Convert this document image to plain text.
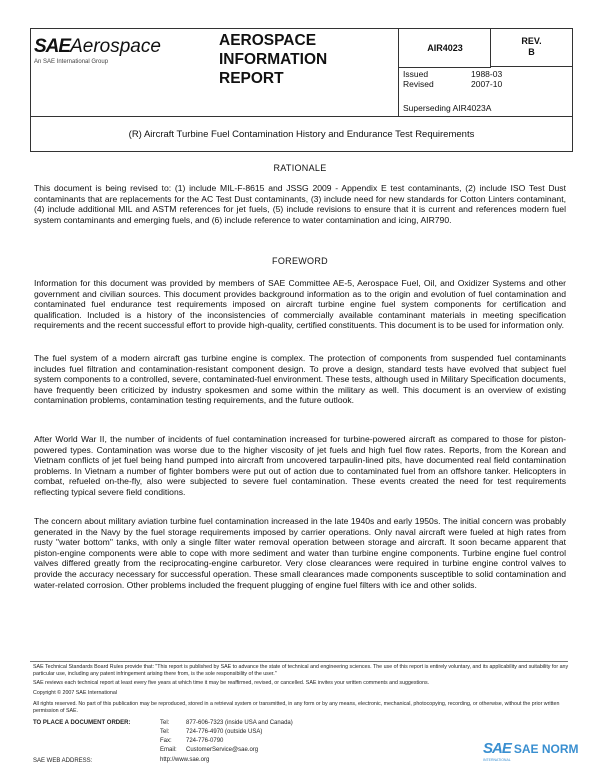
SAEAerospace
An SAE International Group
AEROSPACE
INFORMATION
REPORT
AIR4023
REV.
B
Issued	1988-03
Revised	2007-10
Superseding AIR4023A
(R) Aircraft Turbine Fuel Contamination History and Endurance Test Requirements
RATIONALE
This document is being revised to: (1) include MIL-F-8615 and JSSG 2009 - Appendix E test contaminants, (2) include ISO Test Dust contaminants that are replacements for the AC Test Dust contaminants, (3) include need for new standards for Cotton Linters contaminant, (4) include additional MIL and ASTM references for jet fuels, (5) include revisions to ensure that it is current and references modern fuel system contaminants and emerging fuels, and (6) include reference to water contamination and icing, AIR790.
FOREWORD
Information for this document was provided by members of SAE Committee AE-5, Aerospace Fuel, Oil, and Oxidizer Systems and other government and civilian sources. This document provides background information as to the origin and evolution of fuel contamination and contaminated fuel endurance test requirements imposed on aircraft turbine engine fuel system components for certification and qualification. Included is a history of the inconsistencies of commercially available contaminant materials in meeting specification requirements and the recent successful effort to provide high-quality, certified constituents. This document is to be used for information only.
The fuel system of a modern aircraft gas turbine engine is complex. The protection of components from suspended fuel contaminants includes fuel filtration and contamination-resistant component design. To prove a design, standard tests have evolved that subject fuel system components to a controlled, severe, contaminated-fuel environment. These tests, although used in Military Specification documents, have frequently been criticized by industry spokesmen and some within the military as well. This document is an overview of existing contamination problems, contamination testing requirements, and the future outlook.
After World War II, the number of incidents of fuel contamination increased for turbine-powered aircraft as compared to those for piston-powered types. Contamination was worse due to the higher viscosity of jet fuels and high fuel flow rates. Reports, from the Korean and Vietnam conflicts of jet fuel being hand pumped into aircraft from uncovered tarpaulin-lined pits, have documented real field contamination problems. In Vietnam a number of fighter bombers were put out of action due to contaminated fuel from an offshore tanker. Helicopters in combat, refueled on-the-fly, also were subjected to severe fuel contamination. These events created the need for test requirements reflecting typical severe field conditions.
The concern about military aviation turbine fuel contamination increased in the late 1940s and early 1950s. The initial concern was probably generated in the Navy by the fuel storage requirements imposed by carrier operations. Only naval aircraft were fueled at high rates from rusty "water bottom" tanks, with only a single filter water removal operation between storage and aircraft. It soon became apparent that piston-engine components were able to cope with more sediment and water than turbine engine components. Turbine engine fuel control valves differed greatly from the reciprocating-engine carburetor. Very close clearances were required in turbine engine control valves to provide the accuracy necessary for successful operation. These small clearances made components susceptible to solid contamination and water-related corrosion. Other problems included the frequent plugging of engine fuel filters with ice and other solids.
SAE Technical Standards Board Rules provide that: "This report is published by SAE to advance the state of technical and engineering sciences. The use of this report is entirely voluntary, and its applicability and suitability for any particular use, including any patent infringement arising there from, is the sole responsibility of the user."
SAE reviews each technical report at least every five years at which time it may be reaffirmed, revised, or cancelled. SAE invites your written comments and suggestions.
Copyright © 2007 SAE International
All rights reserved. No part of this publication may be reproduced, stored in a retrieval system or transmitted, in any form or by any means, electronic, mechanical, photocopying, recording, or otherwise, without the prior written permission of SAE.
TO PLACE A DOCUMENT ORDER:
SAE WEB ADDRESS:
Tel:	877-606-7323 (inside USA and Canada)
Tel:	724-776-4970 (outside USA)
Fax: 724-776-0790
Email: CustomerService@sae.org
http://www.sae.org
SAE SAE NORM
INTERNATIONAL
